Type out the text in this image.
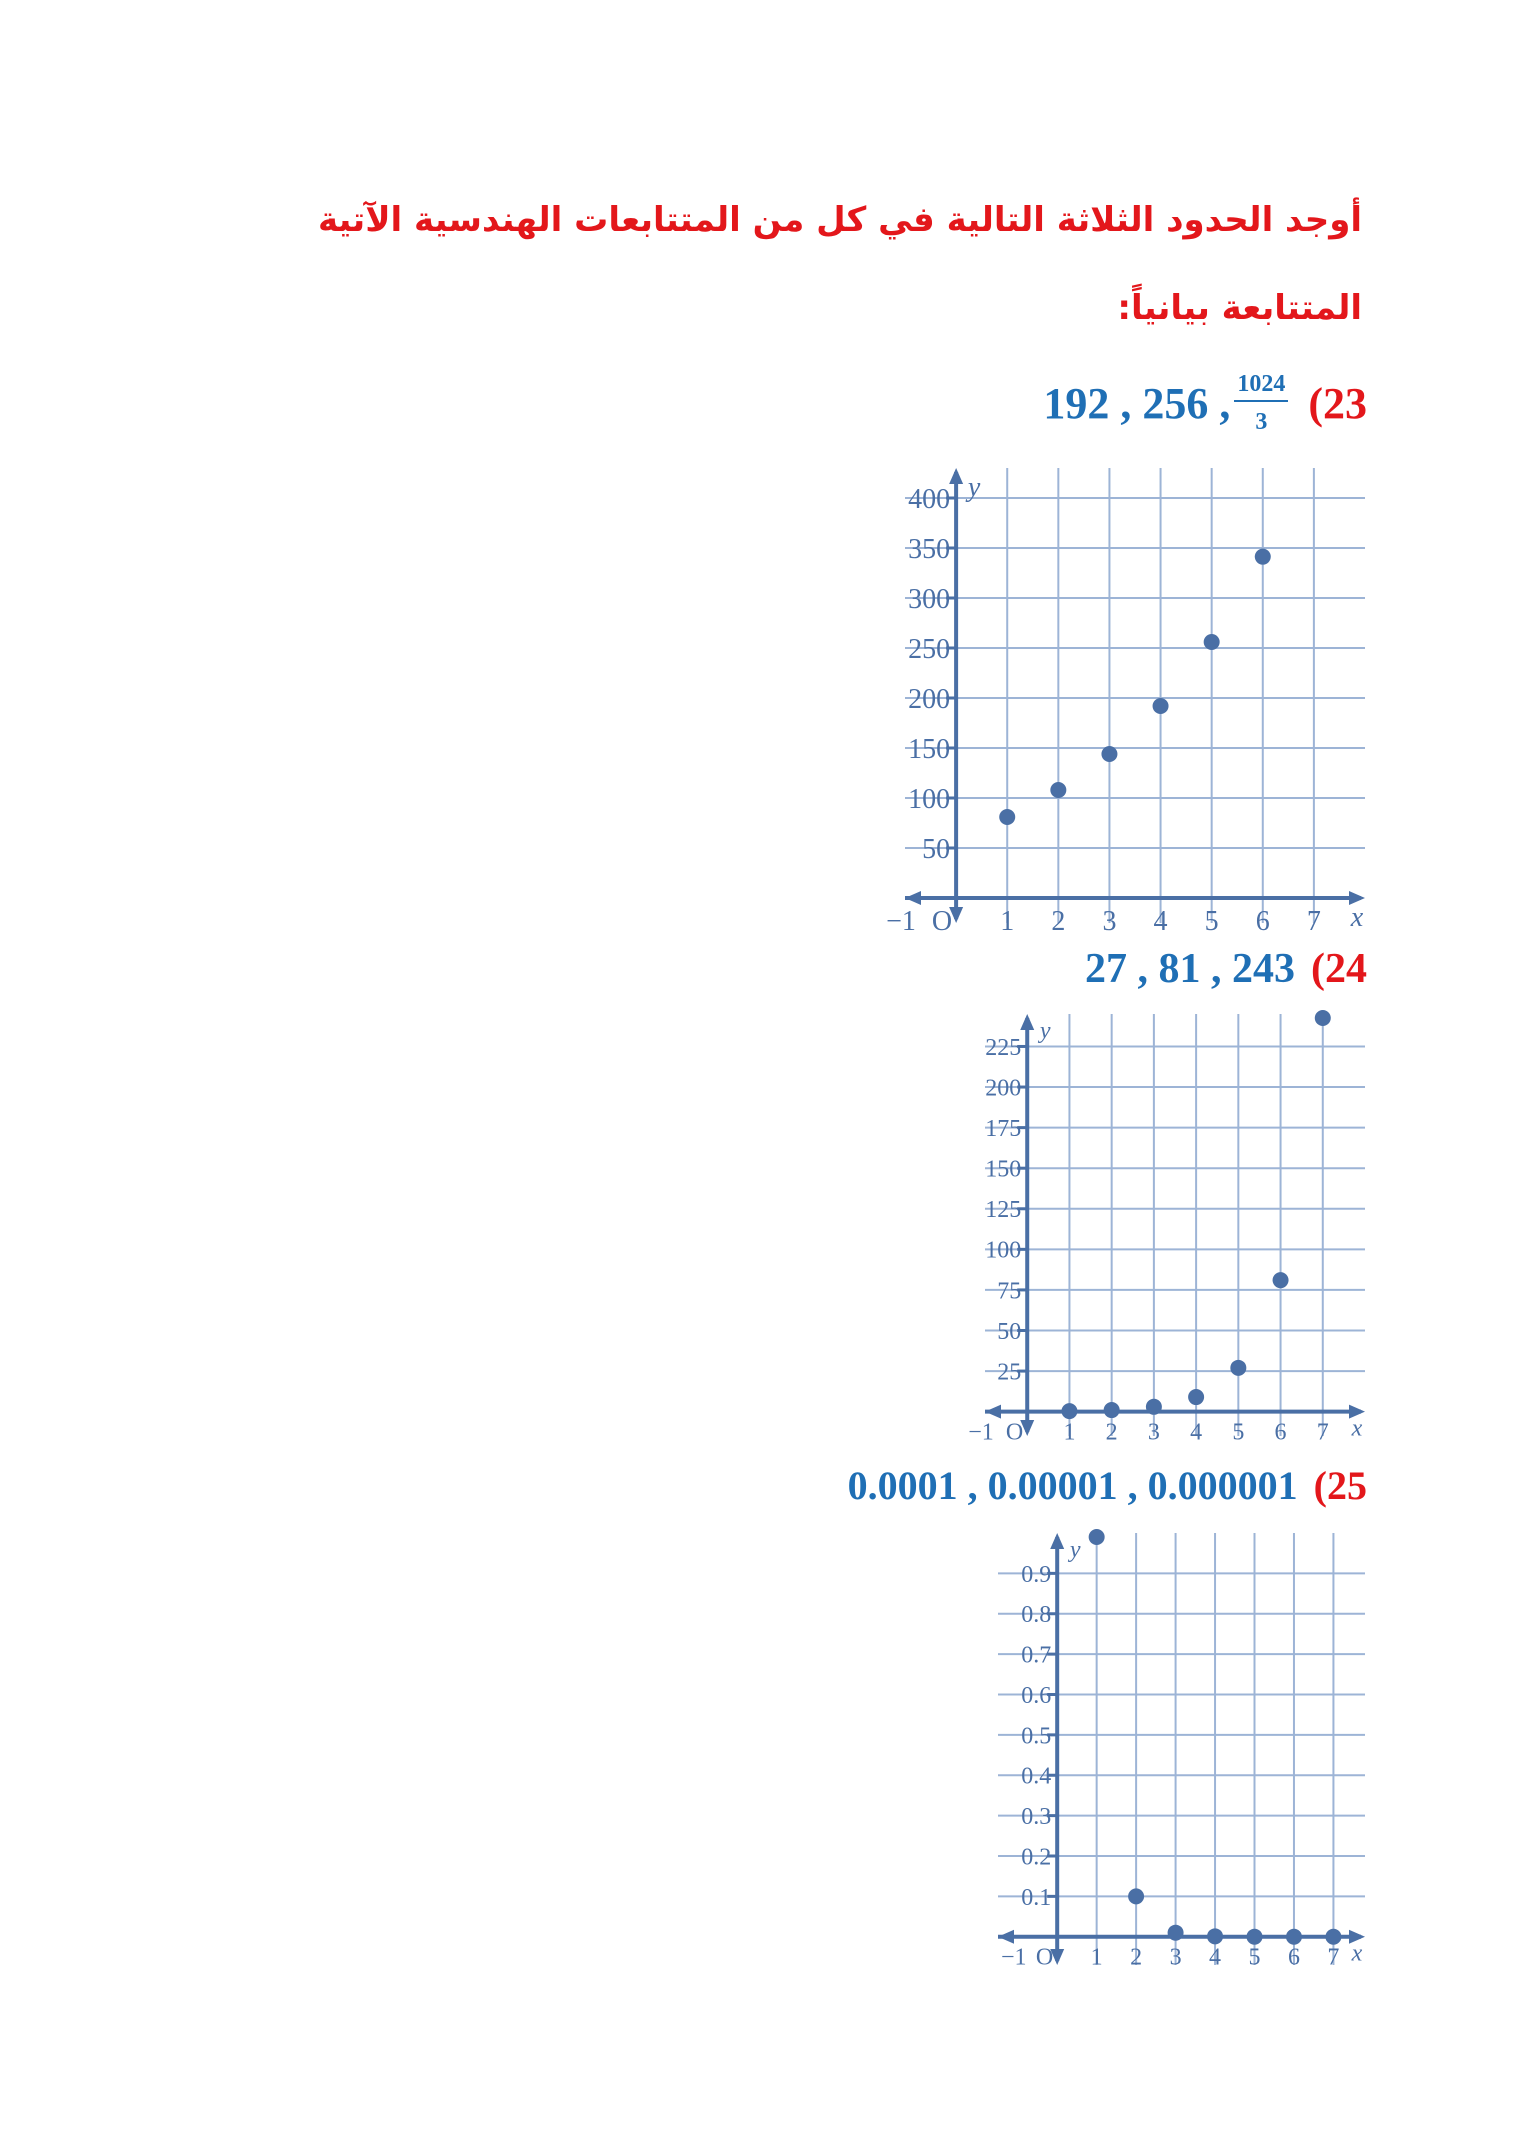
أوجد الحدود الثلاثة التالية في كل من المتتابعات الهندسية الآتية
المتتابعة بيانياً:
192 , 256 , $\frac{1024}{3} (23$
50
100
150
200
250
300
350
400
1 2 3 4 5 6 7
O
−1	x
y
27 , 81 , 243 (24
25
50
75
100
125
150
175
200
225
1 2 3 4 5 6 7
O
−1	x
y
0.0001 , 0.00001 , 0.000001 (25
0.1
0.2
0.3
0.4
0.5
0.6
0.7
0.8
0.9
1 2 3 4 5 6 7
O
−1	x
y
